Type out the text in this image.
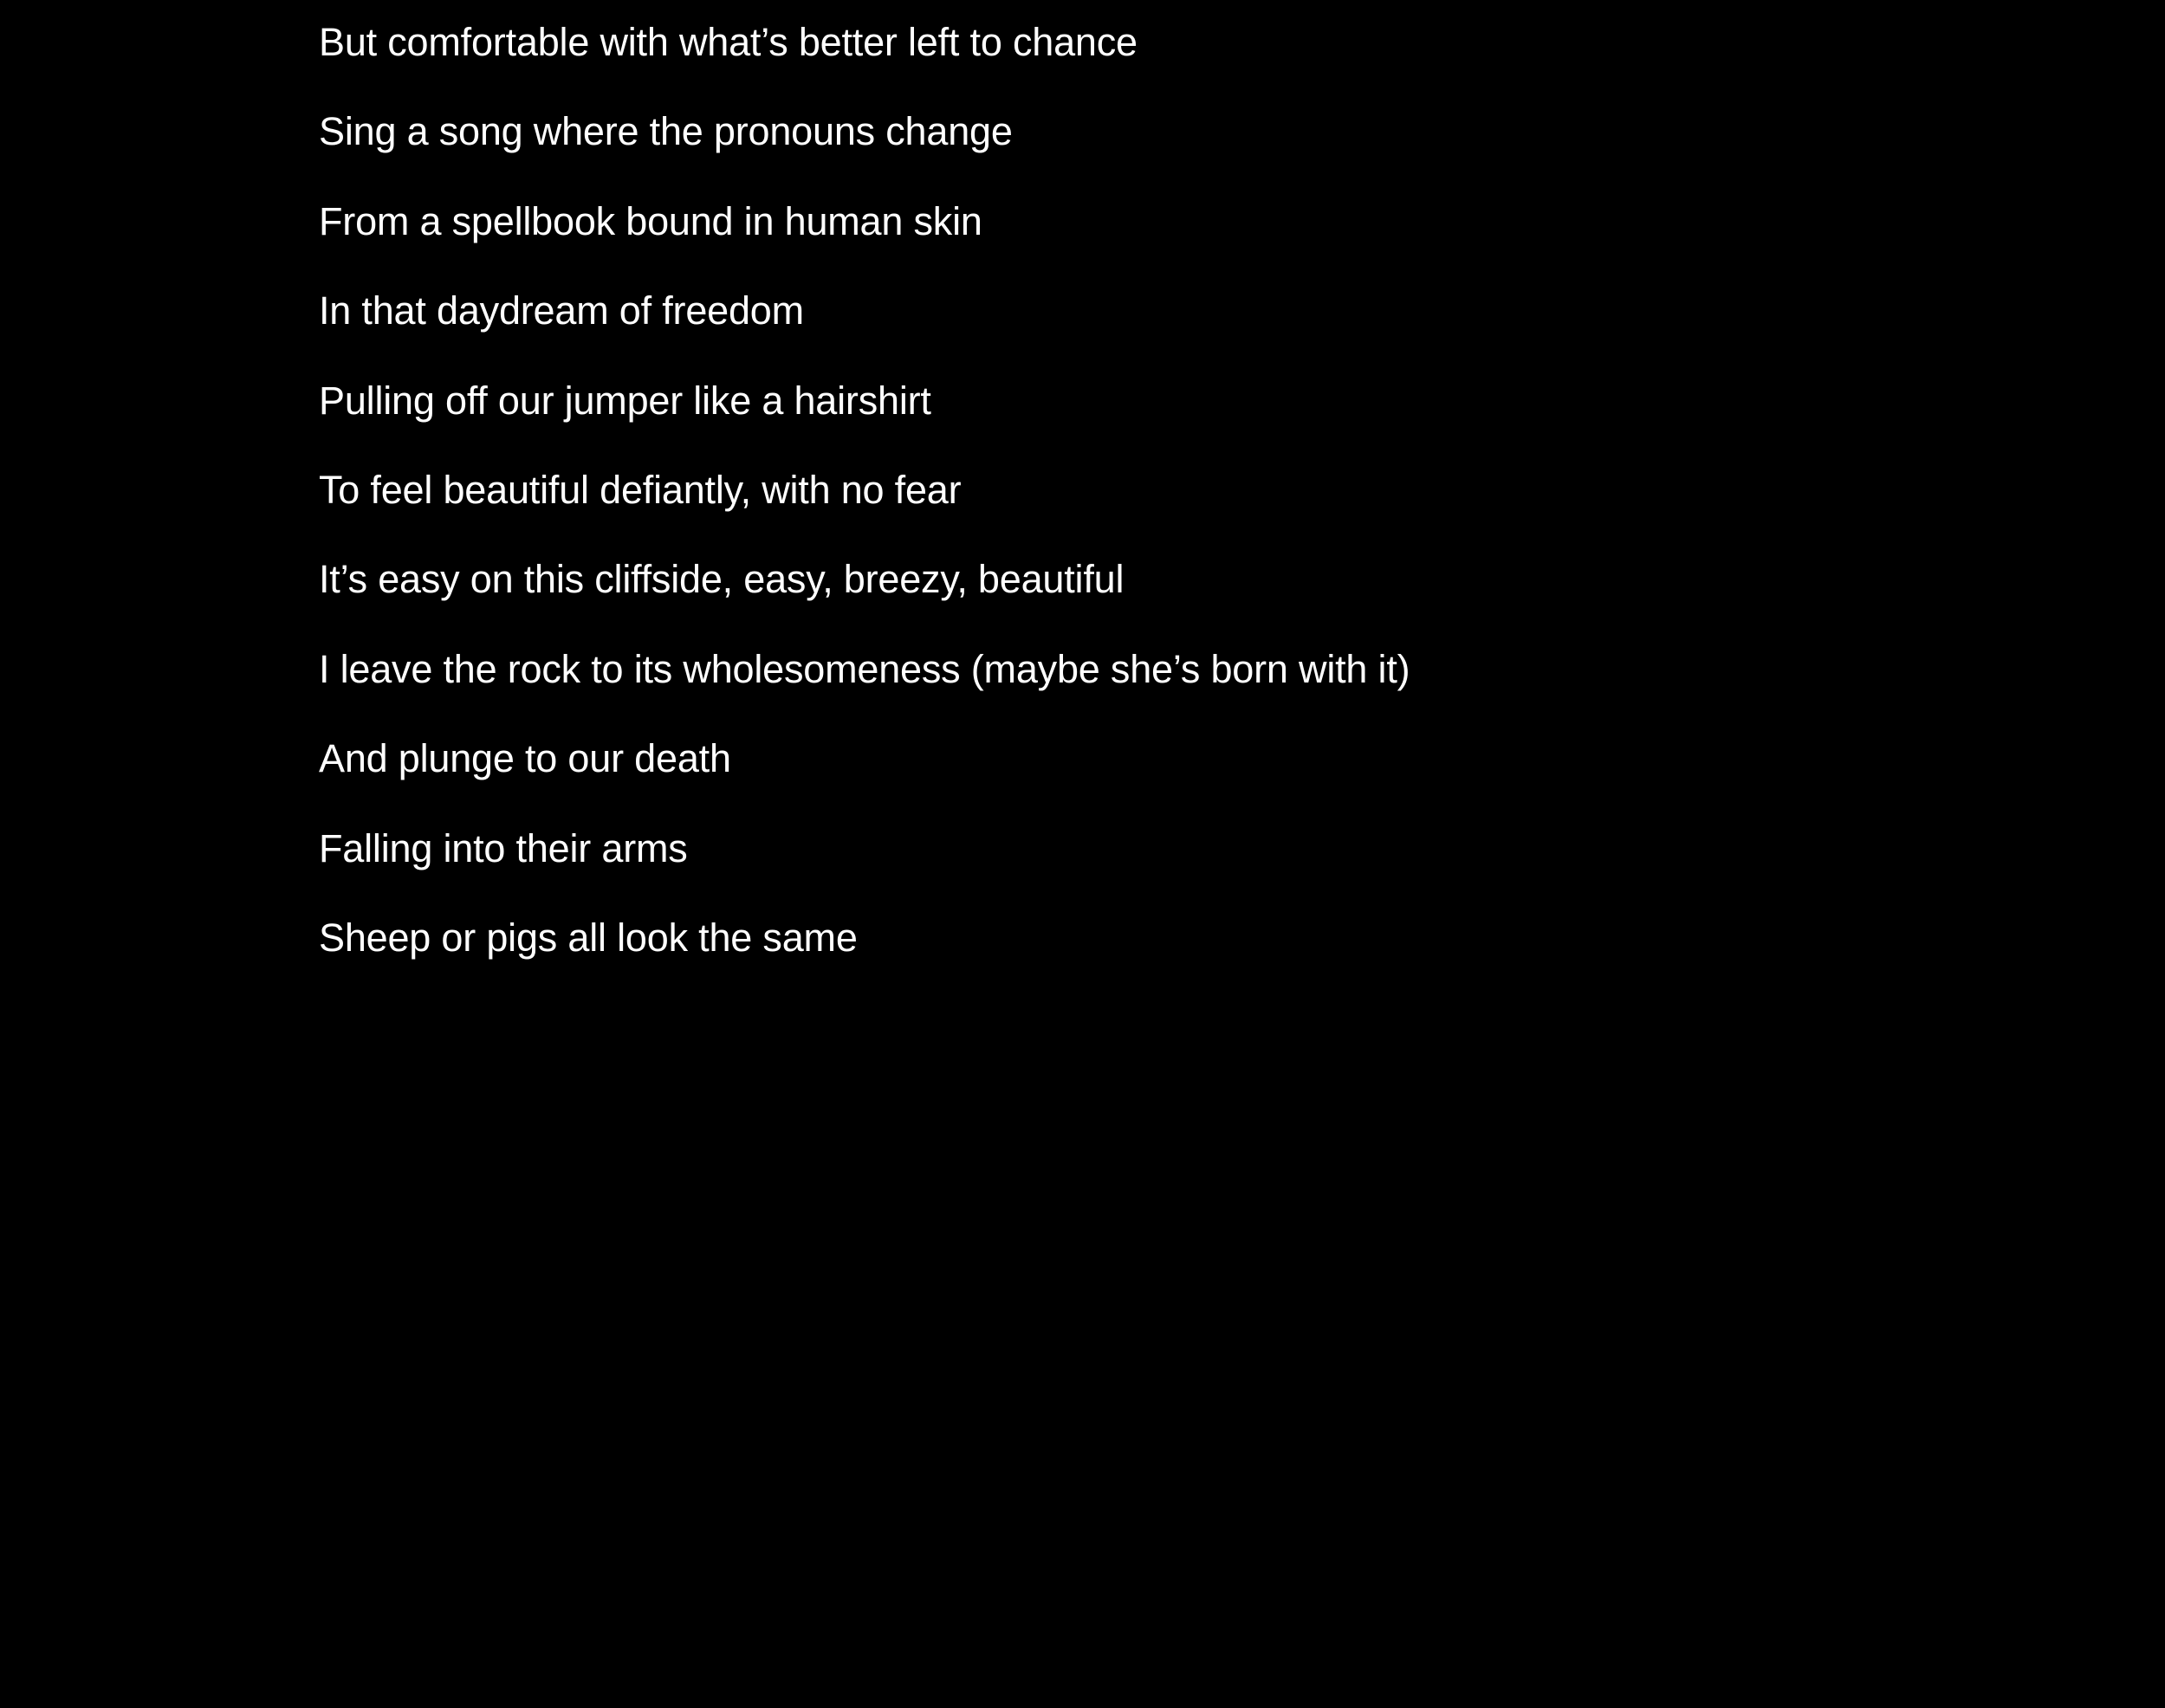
But comfortable with what’s better left to chance
Sing a song where the pronouns change
From a spellbook bound in human skin
In that daydream of freedom
Pulling off our jumper like a hairshirt
To feel beautiful defiantly, with no fear
It’s easy on this cliffside, easy, breezy, beautiful
I leave the rock to its wholesomeness (maybe she’s born with it)
And plunge to our death
Falling into their arms
Sheep or pigs all look the same
